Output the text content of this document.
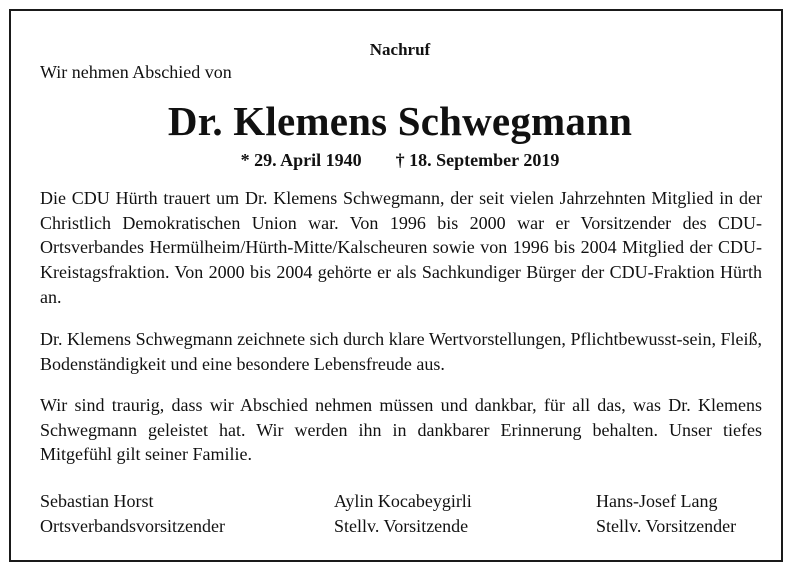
Nachruf
Wir nehmen Abschied von
Dr. Klemens Schwegmann
* 29. April 1940 † 18. September 2019
Die CDU Hürth trauert um Dr. Klemens Schwegmann, der seit vielen Jahrzehnten Mitglied in der Christlich Demokratischen Union war. Von 1996 bis 2000 war er Vorsitzender des CDU-Ortsverbandes Hermülheim/Hürth-Mitte/Kalscheuren sowie von 1996 bis 2004 Mitglied der CDU-Kreistagsfraktion. Von 2000 bis 2004 gehörte er als Sachkundiger Bürger der CDU-Fraktion Hürth an.
Dr. Klemens Schwegmann zeichnete sich durch klare Wertvorstellungen, Pflichtbewusst-sein, Fleiß, Bodenständigkeit und eine besondere Lebensfreude aus.
Wir sind traurig, dass wir Abschied nehmen müssen und dankbar, für all das, was Dr. Klemens Schwegmann geleistet hat. Wir werden ihn in dankbarer Erinnerung behalten. Unser tiefes Mitgefühl gilt seiner Familie.
Sebastian Horst
Ortsverbandsvorsitzender
Aylin Kocabeygirli
Stellv. Vorsitzende
Hans-Josef Lang
Stellv. Vorsitzender
